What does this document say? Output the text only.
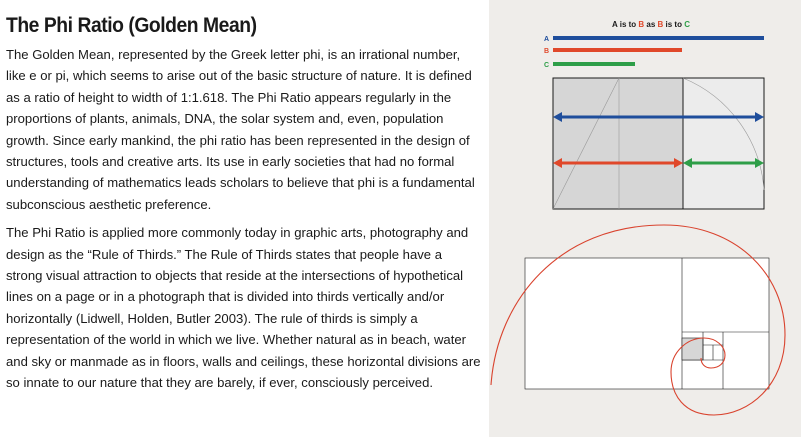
The Phi Ratio (Golden Mean)

The Golden Mean, represented by the Greek letter phi, is an irrational number, like e or pi, which seems to arise out of the basic structure of nature. It is defined as a ratio of height to width of 1:1.618. The Phi Ratio appears regularly in the proportions of plants, animals, DNA, the solar system and, even, population growth. Since early mankind, the phi ratio has been represented in the design of structures, tools and creative arts. Its use in early societies that had no formal understanding of mathematics leads scholars to believe that phi is a fundamental subconscious aesthetic preference.

The Phi Ratio is applied more commonly today in graphic arts, photography and design as the “Rule of Thirds.” The Rule of Thirds states that people have a strong visual attraction to objects that reside at the intersections of hypothetical lines on a page or in a photograph that is divided into thirds vertically and/or horizontally (Lidwell, Holden, Butler 2003). The rule of thirds is simply a representation of the world in which we live. Whether natural as in beach, water and sky or manmade as in floors, walls and ceilings, these horizontal divisions are so innate to our nature that they are barely, if ever, consciously perceived.

A is to B as B is to C
A
B
C
